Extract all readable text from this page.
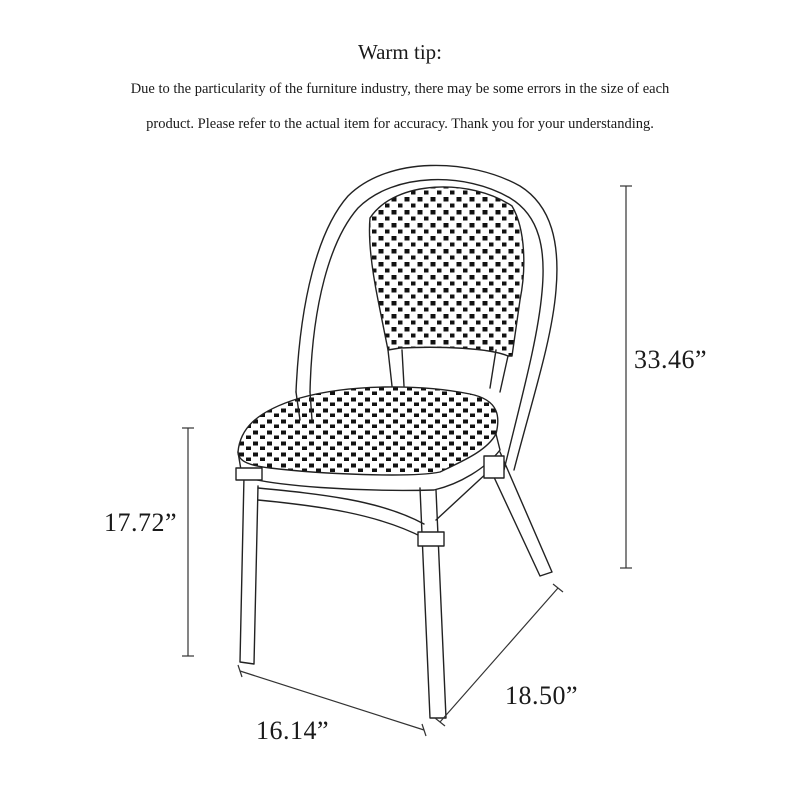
Warm tip:
Due to the particularity of the furniture industry, there may be some errors in the size of each
product. Please refer to the actual item for accuracy. Thank you for your understanding.
33.46”
17.72”
18.50”
16.14”
